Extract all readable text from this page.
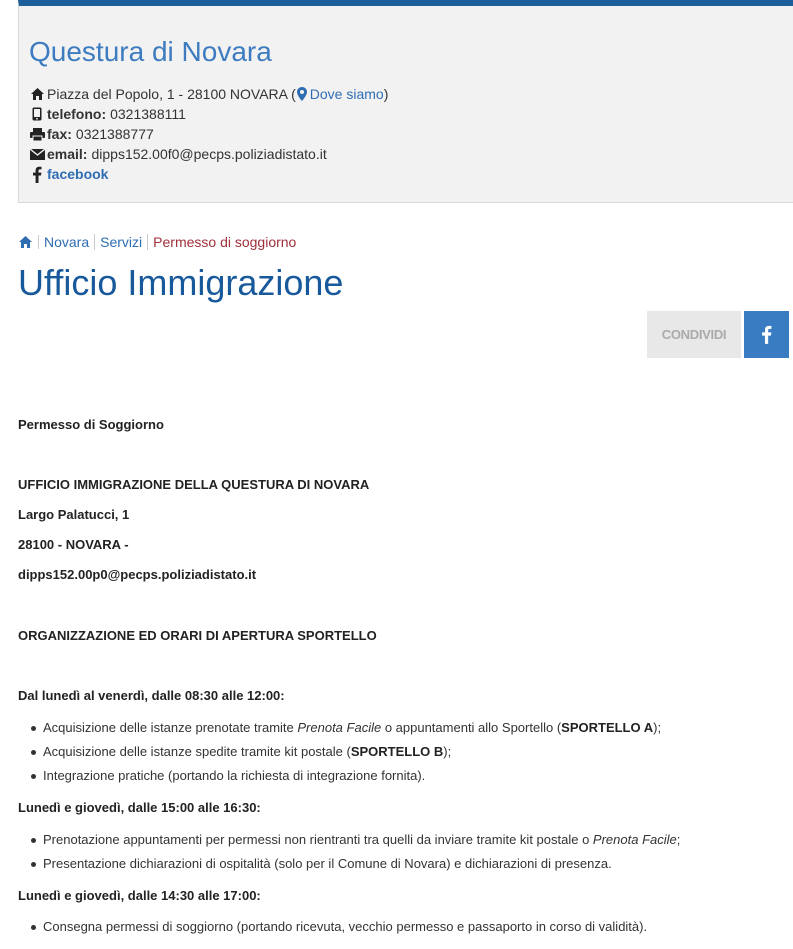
Questura di Novara
Piazza del Popolo, 1 - 28100 NOVARA ( Dove siamo )
telefono: 0321388111
fax: 0321388777
email: dipps152.00f0@pecps.poliziadistato.it
facebook
Novara Servizi Permesso di soggiorno
Ufficio Immigrazione
CONDIVIDI
Permesso di Soggiorno
UFFICIO IMMIGRAZIONE DELLA QUESTURA DI NOVARA
Largo Palatucci, 1
28100 - NOVARA -
dipps152.00p0@pecps.poliziadistato.it
ORGANIZZAZIONE ED ORARI DI APERTURA SPORTELLO
Dal lunedì al venerdì, dalle 08:30 alle 12:00:
Acquisizione delle istanze prenotate tramite Prenota Facile o appuntamenti allo Sportello (SPORTELLO A);
Acquisizione delle istanze spedite tramite kit postale (SPORTELLO B);
Integrazione pratiche (portando la richiesta di integrazione fornita).
Lunedì e giovedì, dalle 15:00 alle 16:30:
Prenotazione appuntamenti per permessi non rientranti tra quelli da inviare tramite kit postale o Prenota Facile;
Presentazione dichiarazioni di ospitalità (solo per il Comune di Novara) e dichiarazioni di presenza.
Lunedì e giovedì, dalle 14:30 alle 17:00:
Consegna permessi di soggiorno (portando ricevuta, vecchio permesso e passaporto in corso di validità).
